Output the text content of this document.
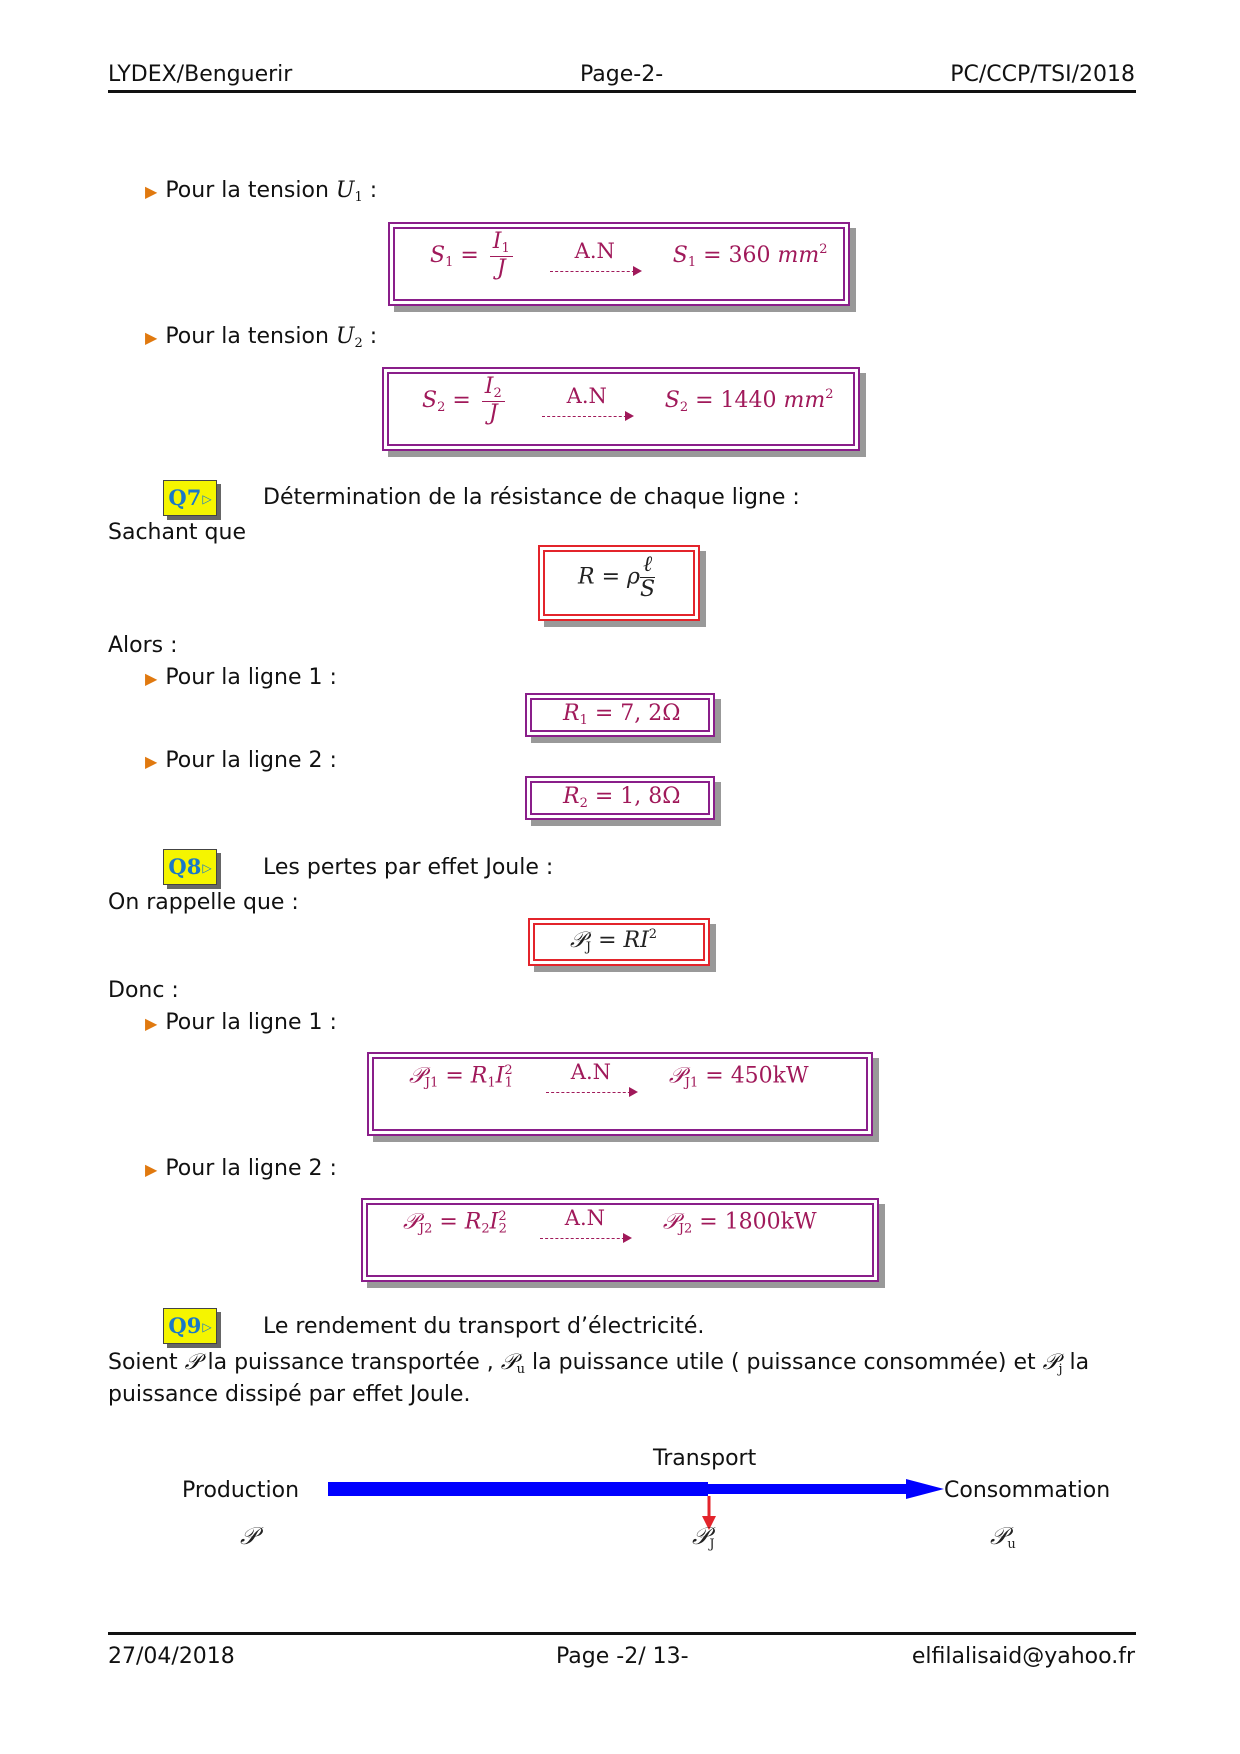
LYDEX/Benguerir	Page-2-	PC/CCP/TSI/2018
▶ Pour la tension $U_1$ :
$S_1 = \frac{I_1}{J}$
	A.N	$S_1 = 360$ $mm^2$
▶ Pour la tension $U_2$ :
$S_2 = \frac{I_2}{J}$
	A.N	$S_2 = 1440$ $mm^2$
Q7▷ Détermination de la résistance de chaque ligne :
Sachant que
R = ρ $\frac{\text{ℓ}}{S}$
Alors :
▶ Pour la ligne 1 :
$R_1 = 7$, 2Ω
▶ Pour la ligne 2 :
$R_2 = 1$, 8Ω
Q8▷ Les pertes par effet Joule :
On rappelle que :
𝒫$_J$ = $RI^2$
Donc :
▶ Pour la ligne 1 :
𝒫$_{J1}$ = $R_1I^2_1$	A.N	𝒫$_{J1}$ = 450kW
▶ Pour la ligne 2 :
𝒫$_{J2}$ = $R_2I^2_2$	A.N	𝒫$_{J2}$ = 1800kW
Q9▷ Le rendement du transport d’électricité.
Soient 𝒫 la puissance transportée , 𝒫$_u$ la puissance utile ( puissance consommée) et 𝒫$_j$ la
puissance dissipé par effet Joule.
Production
Transport
Consommation
𝒫	𝒫$_J$	𝒫$_u$
27/04/2018	Page -2/ 13-	elfilalisaid@yahoo.fr
